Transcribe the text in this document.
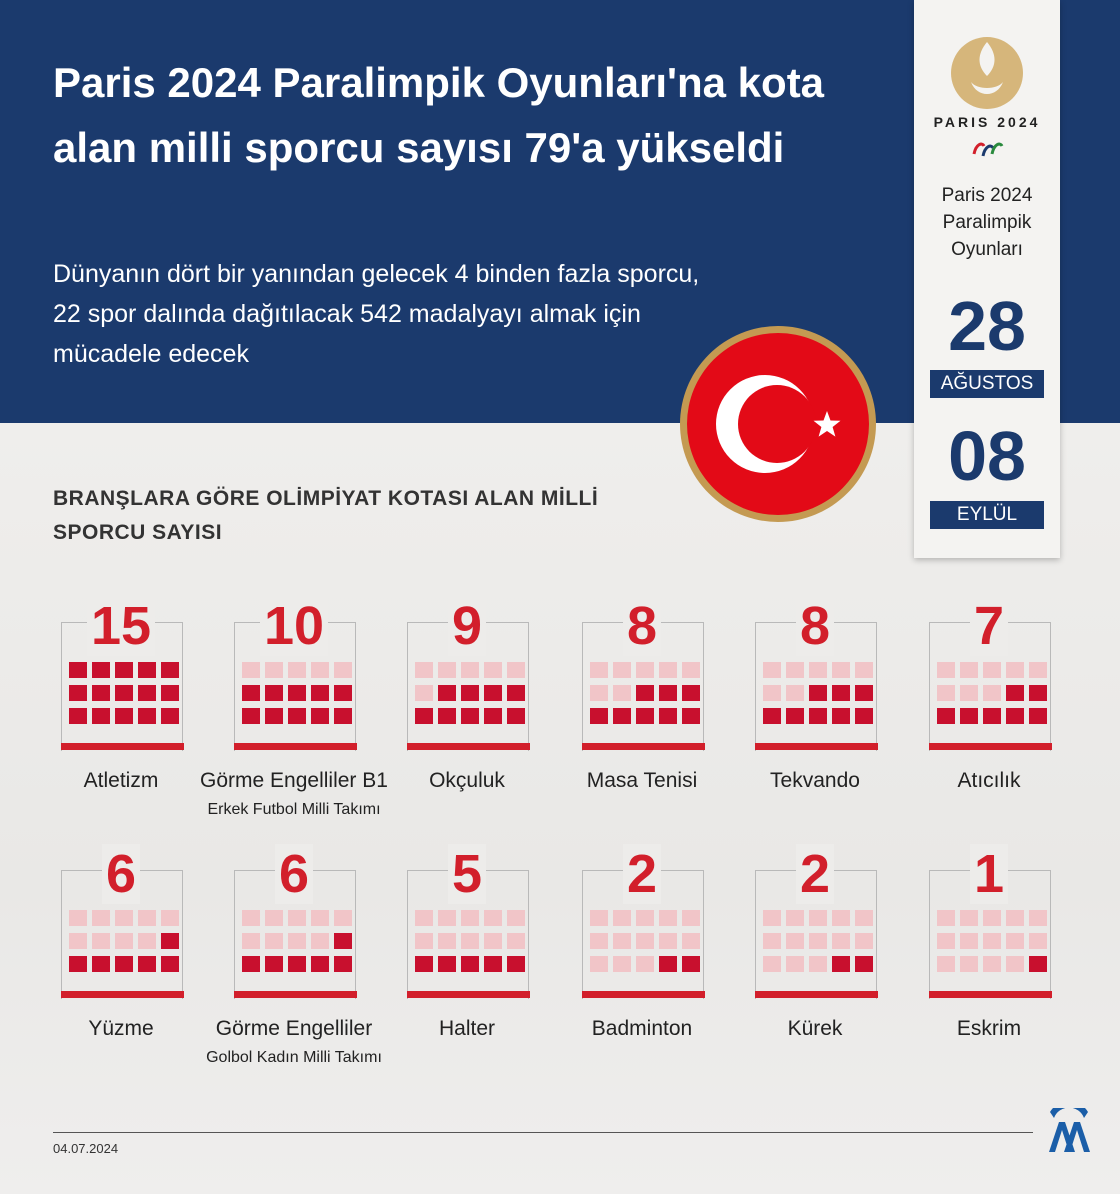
Paris 2024 Paralimpik Oyunları'na kota alan milli sporcu sayısı 79'a yükseldi

Dünyanın dört bir yanından gelecek 4 binden fazla sporcu, 22 spor dalında dağıtılacak 542 madalyayı almak için mücadele edecek

PARIS 2024
Paris 2024 Paralimpik Oyunları
28
AĞUSTOS
08
EYLÜL
BRANŞLARA GÖRE OLİMPİYAT KOTASI ALAN MİLLİ SPORCU SAYISI
15
Atletizm
10
Görme Engelliler B1
Erkek Futbol Milli Takımı
9
Okçuluk
8
Masa Tenisi
8
Tekvando
7
Atıcılık
6
Yüzme
6
Görme Engelliler
Golbol Kadın Milli Takımı
5
Halter
2
Badminton
2
Kürek
1
Eskrim
04.07.2024
